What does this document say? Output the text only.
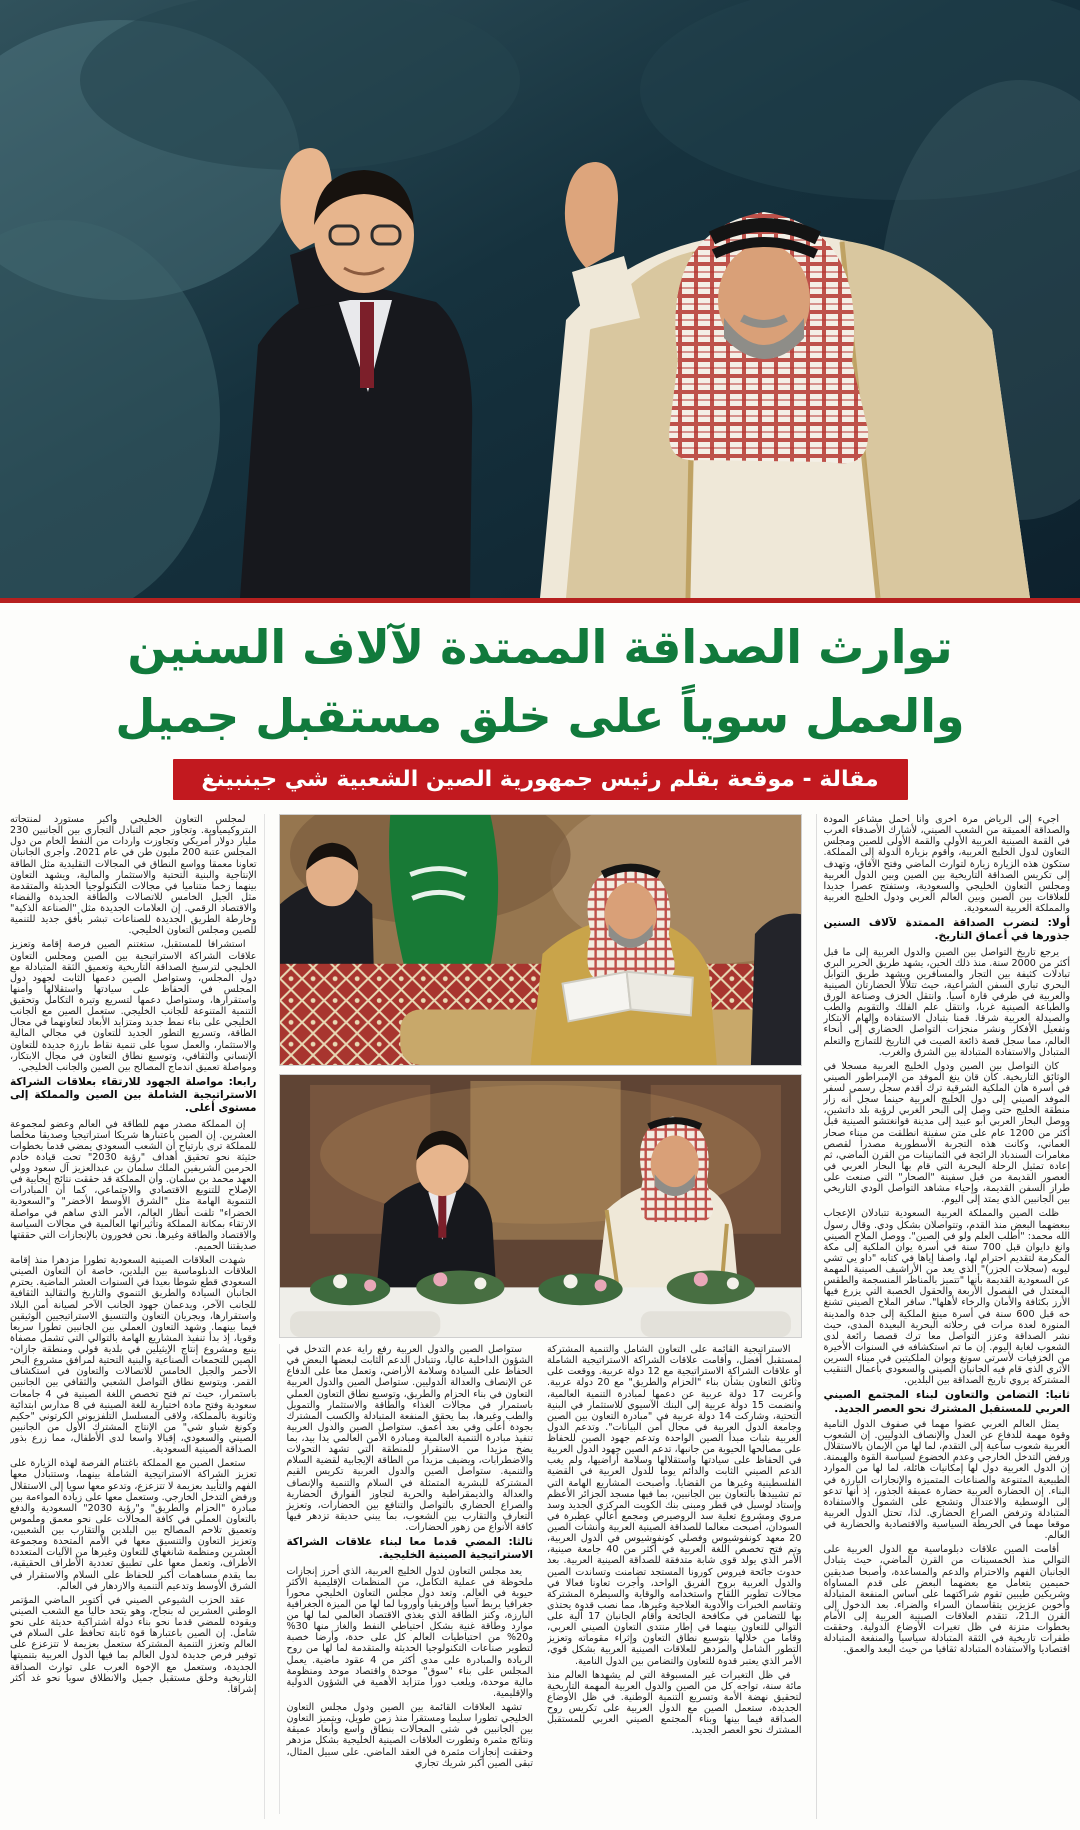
توارث الصداقة الممتدة لآلاف السنين
والعمل سوياً على خلق مستقبل جميل
مقالة - موقعة بقلم رئيس جمهورية الصين الشعبية شي جينبينغ

أجيء إلى الرياض مرة أخرى وأنا أحمل مشاعر المودة والصداقة العميقة من الشعب الصيني، لأشارك الأصدقاء العرب في القمة الصينية العربية الأولى والقمة الأولى للصين ومجلس التعاون لدول الخليج العربية، وأقوم بزيارة الدولة إلى المملكة. ستكون هذه الزيارة زيارة لتوارث الماضي وفتح الآفاق، وتهدف إلى تكريس الصداقة التاريخية بين الصين وبين الدول العربية ومجلس التعاون الخليجي والسعودية، وستفتح عصرا جديدا للعلاقات بين الصين وبين العالم العربي ودول الخليج العربية والمملكة العربية السعودية.

أولا: لنضرب الصداقة الممتدة لآلاف السنين جذورها في أعماق التاريخ.

يرجع تاريخ التواصل بين الصين والدول العربية إلى ما قبل أكثر من 2000 سنة. منذ ذلك الحين، يشهد طريق الحرير البري تبادلات كثيفة بين التجار والمسافرين ويشهد طريق التوابل البحري تباري السفن الشراعية، حيث تتلألأ الحضارتان الصينية والعربية في طرفي قارة آسيا. وانتقل الخزف وصناعة الورق والطباعة الصينية غربا، وانتقل علم الفلك والتقويم والطب والصيدلة العربية شرقا. قمنا بتبادل الاستفادة وإلهام الابتكار وتفعيل الأفكار ونشر منجزات التواصل الحضاري إلى أنحاء العالم، مما سجل قصة ذائعة الصيت في التاريخ للتمازج والتعلم المتبادل والاستفادة المتبادلة بين الشرق والغرب.

كان التواصل بين الصين ودول الخليج العربية مسجلا في الوثائق التاريخية. كان قان ينغ الموفد من الإمبراطور الصيني في أسرة هان الملكية الشرقية ترك أقدم سجل رسمي لسفر الموفد الصيني إلى دول الخليج العربية حينما سجل أنه زار منطقة الخليج حتى وصل إلى البحر الغربي لرؤية بلد داتشين، ووصل البحار العربي أبو عبيد إلى مدينة قوانغتشو الصينية قبل أكثر من 1200 عام على متن سفينة انطلقت من ميناء صحار العماني، وكانت هذه التجربة الأسطورية مصدرا لقصص مغامرات السندباد الرائجة في الثمانينات من القرن الماضي، ثم إعادة تمثيل الرحلة البحرية التي قام بها البحار العربي في العصور القديمة من قبل سفينة "الصحار" التي صنعت على طراز السفن القديمة، وإحياء مشاهد التواصل الودي التاريخي بين الجانبين الذي يمتد إلى اليوم.

ظلت الصين والمملكة العربية السعودية تتبادلان الإعجاب ببعضهما البعض منذ القدم، وتتواصلان بشكل ودي. وقال رسول الله محمد: "أطلب العلم ولو في الصين". ووصل الملاح الصيني وانغ دايوان قبل 700 سنة في أسرة يوان الملكية إلى مكة المكرمة لتقديم احترام لها، واصفا إياها في كتابه "داو يي تشي ليويه (سجلات الجزر)" الذي يعد من الأراشيف الصينية المهمة عن السعودية القديمة بأنها "تتميز بالمناظر المنسجمة والطقس المعتدل في الفصول الأربعة والحقول الخصبة التي يزرع فيها الأرز بكثافة والأمان والرخاء لأهلها". سافر الملاح الصيني تشنغ خه قبل 600 سنة في أسرة مينغ الملكية إلى جدة والمدينة المنورة لعدة مرات في رحلاته البحرية البعيدة المدى، حيث نشر الصداقة وعزز التواصل معا ترك قصصا رائعة لدى الشعوب لغاية اليوم. إن ما تم استكشافه في السنوات الأخيرة من الخزفيات لأسرتي سونغ ويوان الملكيتين في ميناء السرين الأثري الذي قام فيه الجانبان الصيني والسعودي بأعمال التنقيب المشتركة يروي تاريخ الصداقة بين البلدين.

ثانيا: التضامن والتعاون لبناء المجتمع الصيني العربي للمستقبل المشترك نحو العصر الجديد.

يمثل العالم العربي عضوا مهما في صفوف الدول النامية وقوة مهمة للدفاع عن العدل والإنصاف الدوليين. إن الشعوب العربية شعوب ساعية إلى التقدم، لما لها من الإيمان بالاستقلال ورفض التدخل الخارجي وعدم الخضوع لسياسة القوة والهيمنة. إن الدول العربية دول لها إمكانيات هائلة، لما لها من الموارد الطبيعية المتنوعة والصناعات المتميزة والإنجازات البارزة في البناء. إن الحضارة العربية حضارة عميقة الجذور، إذ أنها تدعو إلى الوسطية والاعتدال وتشجع على الشمول والاستفادة المتبادلة وترفض الصراع الحضاري. لذا، تحتل الدول العربية موقعا مهما في الخريطة السياسية والاقتصادية والحضارية في العالم.

أقامت الصين علاقات دبلوماسية مع الدول العربية على التوالي منذ الخمسينات من القرن الماضي، حيث يتبادل الجانبان الفهم والاحترام والدعم والمساعدة، وأصبحا صديقين حميمين يتعامل مع بعضهما البعض على قدم المساواة وشريكين طيبين تقوم شراكتهما على أساس المنفعة المتبادلة وأخوين عزيزين يتقاسمان السراء والضراء. بعد الدخول إلى القرن الـ21، تتقدم العلاقات الصينية العربية إلى الأمام بخطوات متزنة في ظل تغيرات الأوضاع الدولية. وحققت طفرات تاريخية في الثقة المتبادلة سياسيا والمنفعة المتبادلة اقتصاديا والاستفادة المتبادلة ثقافيا من حيث البعد والعمق.

الاستراتيجية القائمة على التعاون الشامل والتنمية المشتركة لمستقبل أفضل، وأقامت علاقات الشراكة الاستراتيجية الشاملة أو علاقات الشراكة الاستراتيجية مع 12 دولة عربية. ووقعت على وثائق التعاون بشأن بناء "الحزام والطريق" مع 20 دولة عربية. وأعربت 17 دولة عربية عن دعمها لمبادرة التنمية العالمية، وانضمت 15 دولة عربية إلى البنك الآسيوي للاستثمار في البنية التحتية، وشاركت 14 دولة عربية في "مبادرة التعاون بين الصين وجامعة الدول العربية في مجال أمن البيانات". وتدعم الدول العربية بثبات مبدأ الصين الواحدة وتدعم جهود الصين للحفاظ على مصالحها الحيوية من جانبها، تدعم الصين جهود الدول العربية في الحفاظ على سيادتها واستقلالها وسلامة أراضيها، ولم يغب الدعم الصيني الثابت والدائم يوما للدول العربية في القضية الفلسطينية وغيرها من القضايا. وأصبحت المشاريع الهامة التي تم تشييدها بالتعاون بين الجانبين، بما فيها مسجد الجزائر الأعظم وإستاد لوسيل في قطر ومبنى بنك الكويت المركزي الجديد وسد مروي ومشروع تعلية سد الروصيرص ومجمع أعالي عطبرة في السودان، أصبحت معالما للصداقة الصينية العربية وأنشأت الصين 20 معهد كونفوشيوس وفصلي كونفوشيوس في الدول العربية، وتم فتح تخصص اللغة العربية في أكثر من 40 جامعة صينية، الأمر الذي يولد قوى شابة متدفقة للصداقة الصينية العربية. بعد حدوث جائحة فيروس كورونا المستجد تضامنت وتساندت الصين والدول العربية بروح الفريق الواحد، وأجرت تعاونا فعالا في مجالات تطوير اللقاح واستخدامه والوقاية والسيطرة المشتركة وتقاسم الخبرات والأدوية العلاجية وغيرها، مما نصب قدوة يحتذى بها للتضامن في مكافحة الجائحة وأقام الجانبان 17 آلية على التوالي للتعاون بينهما في إطار منتدى التعاون الصيني العربي، وقاما من خلالها بتوسيع نطاق التعاون وإثراء مقوماته وتعزيز التطور الشامل والمزدهر للعلاقات الصينية العربية بشكل قوي، الأمر الذي يعتبر قدوة للتعاون والتضامن بين الدول النامية.

في ظل التغيرات غير المسبوقة التي لم يشهدها العالم منذ مائة سنة، تواجه كل من الصين والدول العربية المهمة التاريخية لتحقيق نهضة الأمة وتسريع التنمية الوطنية. في ظل الأوضاع الجديدة، ستعمل الصين مع الدول العربية على تكريس روح الصداقة فيما بينها وبناء المجتمع الصيني العربي للمستقبل المشترك نحو العصر الجديد.

ستواصل الصين والدول العربية رفع راية عدم التدخل في الشؤون الداخلية عاليا، وتتبادل الدعم الثابت لبعضها البعض في الحفاظ على السيادة وسلامة الأراضي، وتعمل معا على الدفاع عن الإنصاف والعدالة الدوليين. ستواصل الصين والدول العربية التعاون في بناء الحزام والطريق، وتوسيع نطاق التعاون العملي باستمرار في مجالات الغذاء والطاقة والاستثمار والتمويل والطب وغيرها، بما يحقق المنفعة المتبادلة والكسب المشترك بجودة أعلى وفي بعد أعمق. ستواصل الصين والدول العربية تنفيذ مبادرة التنمية العالمية ومبادرة الأمن العالمي يدا بيد، بما يضخ مزيدا من الاستقرار للمنطقة التي تشهد التحولات والاضطرابات، ويضيف مزيدا من الطاقة الإيجابية لقضية السلام والتنمية. ستواصل الصين والدول العربية تكريس القيم المشتركة للبشرية المتمثلة في السلام والتنمية والإنصاف والعدالة والديمقراطية والحرية لتجاوز الفوارق الحضارية والصراع الحضاري بالتواصل والتنافع بين الحضارات، وتعزيز التعارف والتقارب بين الشعوب، بما يبني حديقة تزدهر فيها كافة الأنواع من زهور الحضارات.

ثالثا: المضي قدما معا لبناء علاقات الشراكة الاستراتيجية الصينية الخليجية.

يعد مجلس التعاون لدول الخليج العربية، الذي أحرز إنجازات ملحوظة في عملية التكامل، من المنظمات الإقليمية الأكثر حيوية في العالم. وتعد دول مجلس التعاون الخليجي محورا جغرافيا يربط آسيا وإفريقيا وأوروبا لما لها من الميزة الجغرافية البارزة، وكنز الطاقة الذي يغذي الاقتصاد العالمي لما لها من موارد وطاقة غنية بشكل احتياطي النفط والغاز منها 30% و20% من احتياطيات العالم كل على حدة، وأرضا خصبة لتطوير صناعات التكنولوجيا الحديثة والمتقدمة لما لها من روح الريادة والمبادرة على مدى أكثر من 4 عقود ماضية. يعمل المجلس على بناء "سوق" موحدة واقتصاد موحد ومنظومة مالية موحدة، ويلعب دورا متزايد الأهمية في الشؤون الدولية والإقليمية.

تشهد العلاقات القائمة بين الصين ودول مجلس التعاون الخليجي تطورا سليما ومستقرا منذ زمن طويل، ويتميز التعاون بين الجانبين في شتى المجالات بنطاق واسع وأبعاد عميقة ونتائج مثمرة وتطورت العلاقات الصينية الخليجية بشكل مزدهر وحققت إنجازات مثمرة في العقد الماضي. على سبيل المثال، تبقى الصين أكبر شريك تجاري

لمجلس التعاون الخليجي وأكبر مستورد لمنتجاته البتروكيمياوية. وتجاوز حجم التبادل التجاري بين الجانبين 230 مليار دولار أمريكي وتجاوزت واردات من النفط الخام من دول المجلس عتبة 200 مليون طن في عام 2021. وأجرى الجانبان تعاونا معمقا وواسع النطاق في المجالات التقليدية مثل الطاقة الإنتاجية والبنية التحتية والاستثمار والمالية، ويشهد التعاون بينهما زخما متناميا في مجالات التكنولوجيا الحديثة والمتقدمة مثل الجيل الخامس للاتصالات والطاقة الجديدة والفضاء والاقتصاد الرقمي. إن العلامات الجديدة مثل "الصناعة الذكية" وخارطة الطريق الجديدة للصناعات تبشر بأفق جديد للتنمية للصين ومجلس التعاون الخليجي.

استشرافا للمستقبل، ستغتنم الصين فرصة إقامة وتعزيز علاقات الشراكة الاستراتيجية بين الصين ومجلس التعاون الخليجي لترسيخ الصداقة التاريخية وتعميق الثقة المتبادلة مع دول المجلس، وستواصل الصين دعمها الثابت لجهود دول المجلس في الحفاظ على سيادتها واستقلالها وأمنها واستقرارها، وستواصل دعمها لتسريع وتيرة التكامل وتحقيق التنمية المتنوعة للجانب الخليجي. ستعمل الصين مع الجانب الخليجي على بناء نمط جديد ومتزايد الأبعاد لتعاونهما في مجال الطاقة، وتسريع التطور الجديد للتعاون في مجالي المالية والاستثمار، والعمل سويا على تنمية نقاط بارزة جديدة للتعاون الإنساني والثقافي، وتوسيع نطاق التعاون في مجال الابتكار، ومواصلة تعميق اندماج المصالح بين الصين والجانب الخليجي.

رابعا: مواصلة الجهود للارتقاء بعلاقات الشراكة الاستراتيجية الشاملة بين الصين والمملكة إلى مستوى أعلى.

إن المملكة مصدر مهم للطاقة في العالم وعضو لمجموعة العشرين. إن الصين باعتبارها شريكا استراتيجيا وصديقا مخلصا للمملكة ترى بارتياح أن الشعب السعودي يمضي قدما بخطوات حثيثة نحو تحقيق أهداف "رؤية 2030" تحت قيادة خادم الحرمين الشريفين الملك سلمان بن عبدالعزيز آل سعود وولي العهد محمد بن سلمان. وأن المملكة قد حققت نتائج إيجابية في الإصلاح للتنويع الاقتصادي والاجتماعي، كما أن المبادرات التنموية الهامة مثل "الشرق الأوسط الأخضر" و"السعودية الخضراء" تلفت أنظار العالم، الأمر الذي ساهم في مواصلة الارتقاء بمكانة المملكة وتأثيراتها العالمية في مجالات السياسة والاقتصاد والطاقة وغيرها. نحن فخورون بالإنجازات التي حققتها صديقتنا الحميم.

شهدت العلاقات الصينية السعودية تطورا مزدهرا منذ إقامة العلاقات الدبلوماسية بين البلدين، خاصة أن التعاون الصيني السعودي قطع شوطا بعيدا في السنوات العشر الماضية. يحترم الجانبان السيادة والطريق التنموي والتاريخ والتقاليد الثقافية للجانب الآخر، ويدعمان جهود الجانب الآخر لصيانة أمن البلاد واستقرارها، ويجريان التعاون والتنسيق الاستراتيجيين الوثيقين فيما بينهما. وشهد التعاون العملي بين الجانبين تطورا سريعا وقويا، إذ بدأ تنفيذ المشاريع الهامة بالتوالي التي تشمل مصفاة ينبع ومشروع إنتاج الإيثيلين في بلدية قولي ومنطقة جازان-الصين للتجمعات الصناعية والبنية التحتية لمرافق مشروع البحر الأحمر والجيل الخامس للاتصالات والتعاون في استكشاف القمر. ويتوسع نطاق التواصل الشعبي والثقافي بين الجانبين باستمرار، حيث تم فتح تخصص اللغة الصينية في 4 جامعات سعودية وفتح مادة اختيارية للغة الصينية في 8 مدارس ابتدائية وثانوية بالمملكة، ولاقى المسلسل التلفزيوني الكرتوني "حكيم وكونغ شياو شي" من الإنتاج المشترك الأول من الجانبين الصيني والسعودي، إقبالا واسعا لدى الأطفال، مما زرع بذور الصداقة الصينية السعودية.

ستعمل الصين مع المملكة باغتنام الفرصة لهذه الزيارة على تعزيز الشراكة الاستراتيجية الشاملة بينهما، وستتبادل معها الفهم والتأييد بعزيمة لا تتزعزع، وتدعو معها سويا إلى الاستقلال ورفض التدخل الخارجي. وستعمل معها على زيادة المواءمة بين مبادرة "الحزام والطريق" و"رؤية 2030" السعودية والدفع بالتعاون العملي في كافة المجالات على نحو معمق وملموس وتعميق تلاحم المصالح بين البلدين والتقارب بين الشعبين، وتعزيز التعاون والتنسيق معها في الأمم المتحدة ومجموعة العشرين ومنظمة شانغهاي للتعاون وغيرها من الآليات المتعددة الأطراف، وتعمل معها على تطبيق تعددية الأطراف الحقيقية، بما يقدم مساهمات أكبر للحفاظ على السلام والاستقرار في الشرق الأوسط وتدعيم التنمية والازدهار في العالم.

عقد الحزب الشيوعي الصيني في أكتوبر الماضي المؤتمر الوطني العشرين له بنجاح، وهو يتحد حاليا مع الشعب الصيني ويقوده للمضي قدما نحو بناء دولة اشتراكية حديثة على نحو شامل. إن الصين باعتبارها قوة ثابتة تحافظ على السلام في العالم وتعزز التنمية المشتركة ستعمل بعزيمة لا تتزعزع على توفير فرص جديدة لدول العالم بما فيها الدول العربية بتنميتها الجديدة، وستعمل مع الإخوة العرب على توارث الصداقة التاريخية وخلق مستقبل جميل والانطلاق سويا نحو غد أكثر إشراقا.
